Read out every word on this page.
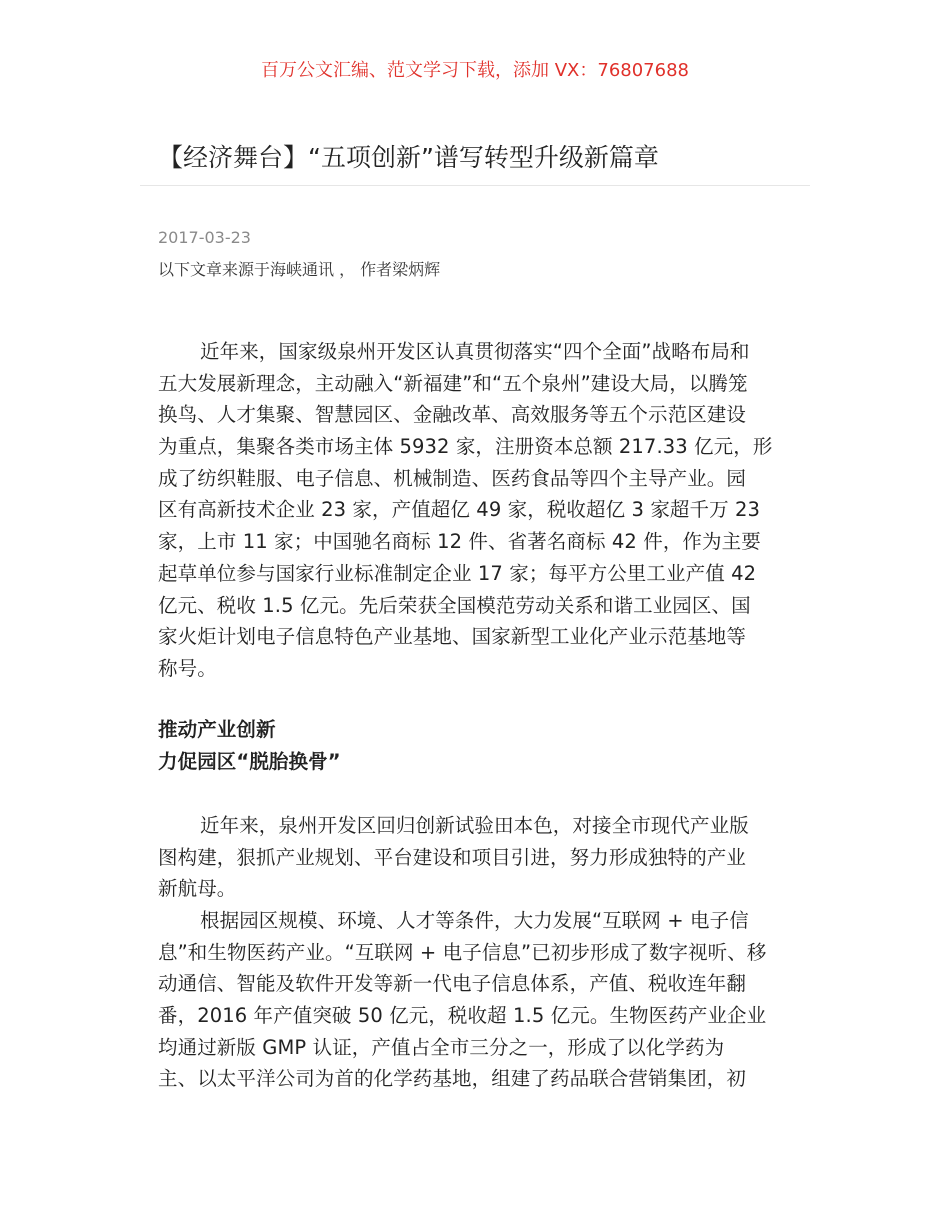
百万公文汇编、范文学习下载，添加 VX：76807688
【经济舞台】“五项创新”谱写转型升级新篇章
2017-03-23
以下文章来源于海峡通讯 ， 作者梁炳辉
近年来，国家级泉州开发区认真贯彻落实“四个全面”战略布局和
五大发展新理念，主动融入“新福建”和“五个泉州”建设大局，以腾笼
换鸟、人才集聚、智慧园区、金融改革、高效服务等五个示范区建设
为重点，集聚各类市场主体 5932 家，注册资本总额 217.33 亿元，形
成了纺织鞋服、电子信息、机械制造、医药食品等四个主导产业。园
区有高新技术企业 23 家，产值超亿 49 家，税收超亿 3 家超千万 23
家，上市 11 家；中国驰名商标 12 件、省著名商标 42 件，作为主要
起草单位参与国家行业标准制定企业 17 家；每平方公里工业产值 42
亿元、税收 1.5 亿元。先后荣获全国模范劳动关系和谐工业园区、国
家火炬计划电子信息特色产业基地、国家新型工业化产业示范基地等
称号。
推动产业创新
力促园区“脱胎换骨”
近年来，泉州开发区回归创新试验田本色，对接全市现代产业版
图构建，狠抓产业规划、平台建设和项目引进，努力形成独特的产业
新航母。
根据园区规模、环境、人才等条件，大力发展“互联网 + 电子信
息”和生物医药产业。“互联网 + 电子信息”已初步形成了数字视听、移
动通信、智能及软件开发等新一代电子信息体系，产值、税收连年翻
番，2016 年产值突破 50 亿元，税收超 1.5 亿元。生物医药产业企业
均通过新版 GMP 认证，产值占全市三分之一，形成了以化学药为
主、以太平洋公司为首的化学药基地，组建了药品联合营销集团，初
